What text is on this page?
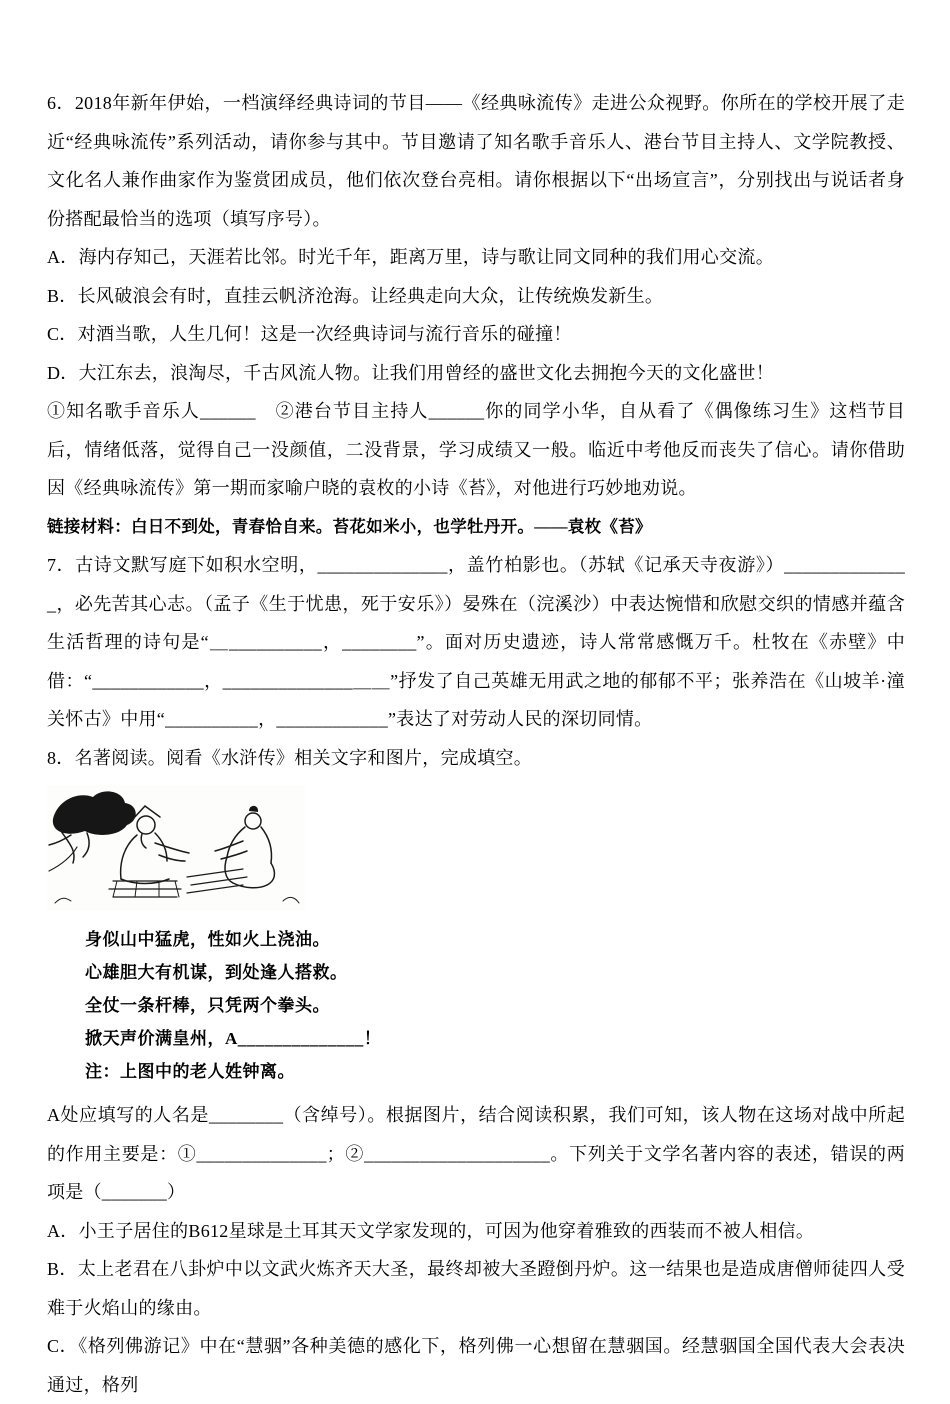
6．2018年新年伊始，一档演绎经典诗词的节目——《经典咏流传》走进公众视野。你所在的学校开展了走近“经典咏流传”系列活动，请你参与其中。节目邀请了知名歌手音乐人、港台节目主持人、文学院教授、文化名人兼作曲家作为鉴赏团成员，他们依次登台亮相。请你根据以下“出场宣言”，分别找出与说话者身份搭配最恰当的选项（填写序号）。

A．海内存知己，天涯若比邻。时光千年，距离万里，诗与歌让同文同种的我们用心交流。

B．长风破浪会有时，直挂云帆济沧海。让经典走向大众，让传统焕发新生。

C．对酒当歌，人生几何！这是一次经典诗词与流行音乐的碰撞！

D．大江东去，浪淘尽，千古风流人物。让我们用曾经的盛世文化去拥抱今天的文化盛世！

①知名歌手音乐人______　②港台节目主持人______你的同学小华，自从看了《偶像练习生》这档节目后，情绪低落，觉得自己一没颜值，二没背景，学习成绩又一般。临近中考他反而丧失了信心。请你借助因《经典咏流传》第一期而家喻户晓的袁枚的小诗《苔》，对他进行巧妙地劝说。

链接材料：白日不到处，青春恰自来。苔花如米小，也学牡丹开。——袁枚《苔》

7．古诗文默写庭下如积水空明，______________，盖竹柏影也。（苏轼《记承天寺夜游》）______________，必先苦其心志。（孟子《生于忧患，死于安乐》）晏殊在（浣溪沙）中表达惋惜和欣慰交织的情感并蕴含生活哲理的诗句是“＿__________，________”。面对历史遗迹，诗人常常感慨万千。杜牧在《赤壁》中借：“____________，______________＿＿”抒发了自己英雄无用武之地的郁郁不平；张养浩在《山坡羊·潼关怀古》中用“__________，____________”表达了对劳动人民的深切同情。

8．名著阅读。阅看《水浒传》相关文字和图片，完成填空。

身似山中猛虎，性如火上浇油。

心雄胆大有机谋，到处逢人搭救。

全仗一条杆棒，只凭两个拳头。

掀天声价满皇州，A______________！

注：上图中的老人姓钟离。

A处应填写的人名是________（含绰号）。根据图片，结合阅读积累，我们可知，该人物在这场对战中所起的作用主要是：①______________；②____________________。下列关于文学名著内容的表述，错误的两项是（_______）

A．小王子居住的B612星球是土耳其天文学家发现的，可因为他穿着雅致的西装而不被人相信。

B．太上老君在八卦炉中以文武火炼齐天大圣，最终却被大圣蹬倒丹炉。这一结果也是造成唐僧师徒四人受难于火焰山的缘由。

C．《格列佛游记》中在“慧骃”各种美德的感化下，格列佛一心想留在慧骃国。经慧骃国全国代表大会表决通过，格列
